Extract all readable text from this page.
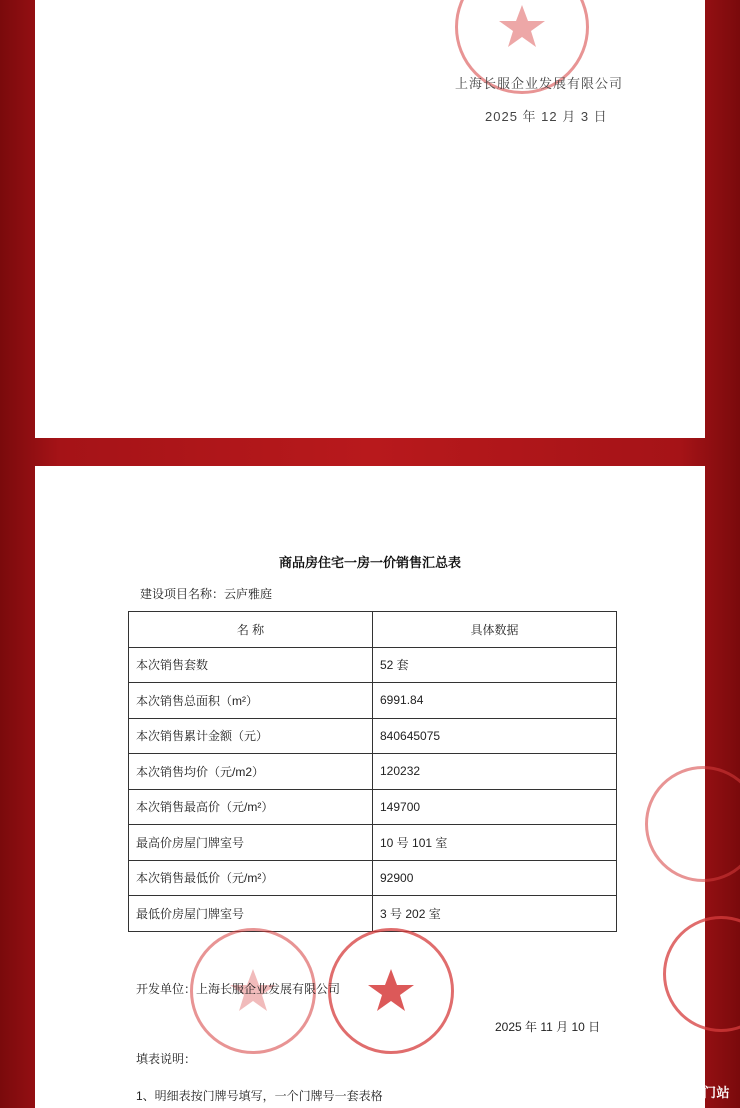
上海长服企业发展有限公司
2025 年 12 月 3 日
商品房住宅一房一价销售汇总表
建设项目名称：云庐雅庭
名 称	具体数据
本次销售套数	52 套
本次销售总面积（m²）	6991.84
本次销售累计金额（元）	840645075
本次销售均价（元/m2）	120232
本次销售最高价（元/m²）	149700
最高价房屋门牌室号	10 号 101 室
本次销售最低价（元/m²）	92900
最低价房屋门牌室号	3 号 202 室
开发单位：上海长服企业发展有限公司
2025 年 11 月 10 日
填表说明：
1、明细表按门牌号填写，一个门牌号一套表格	搜狐号@搜狐焦点天门站
